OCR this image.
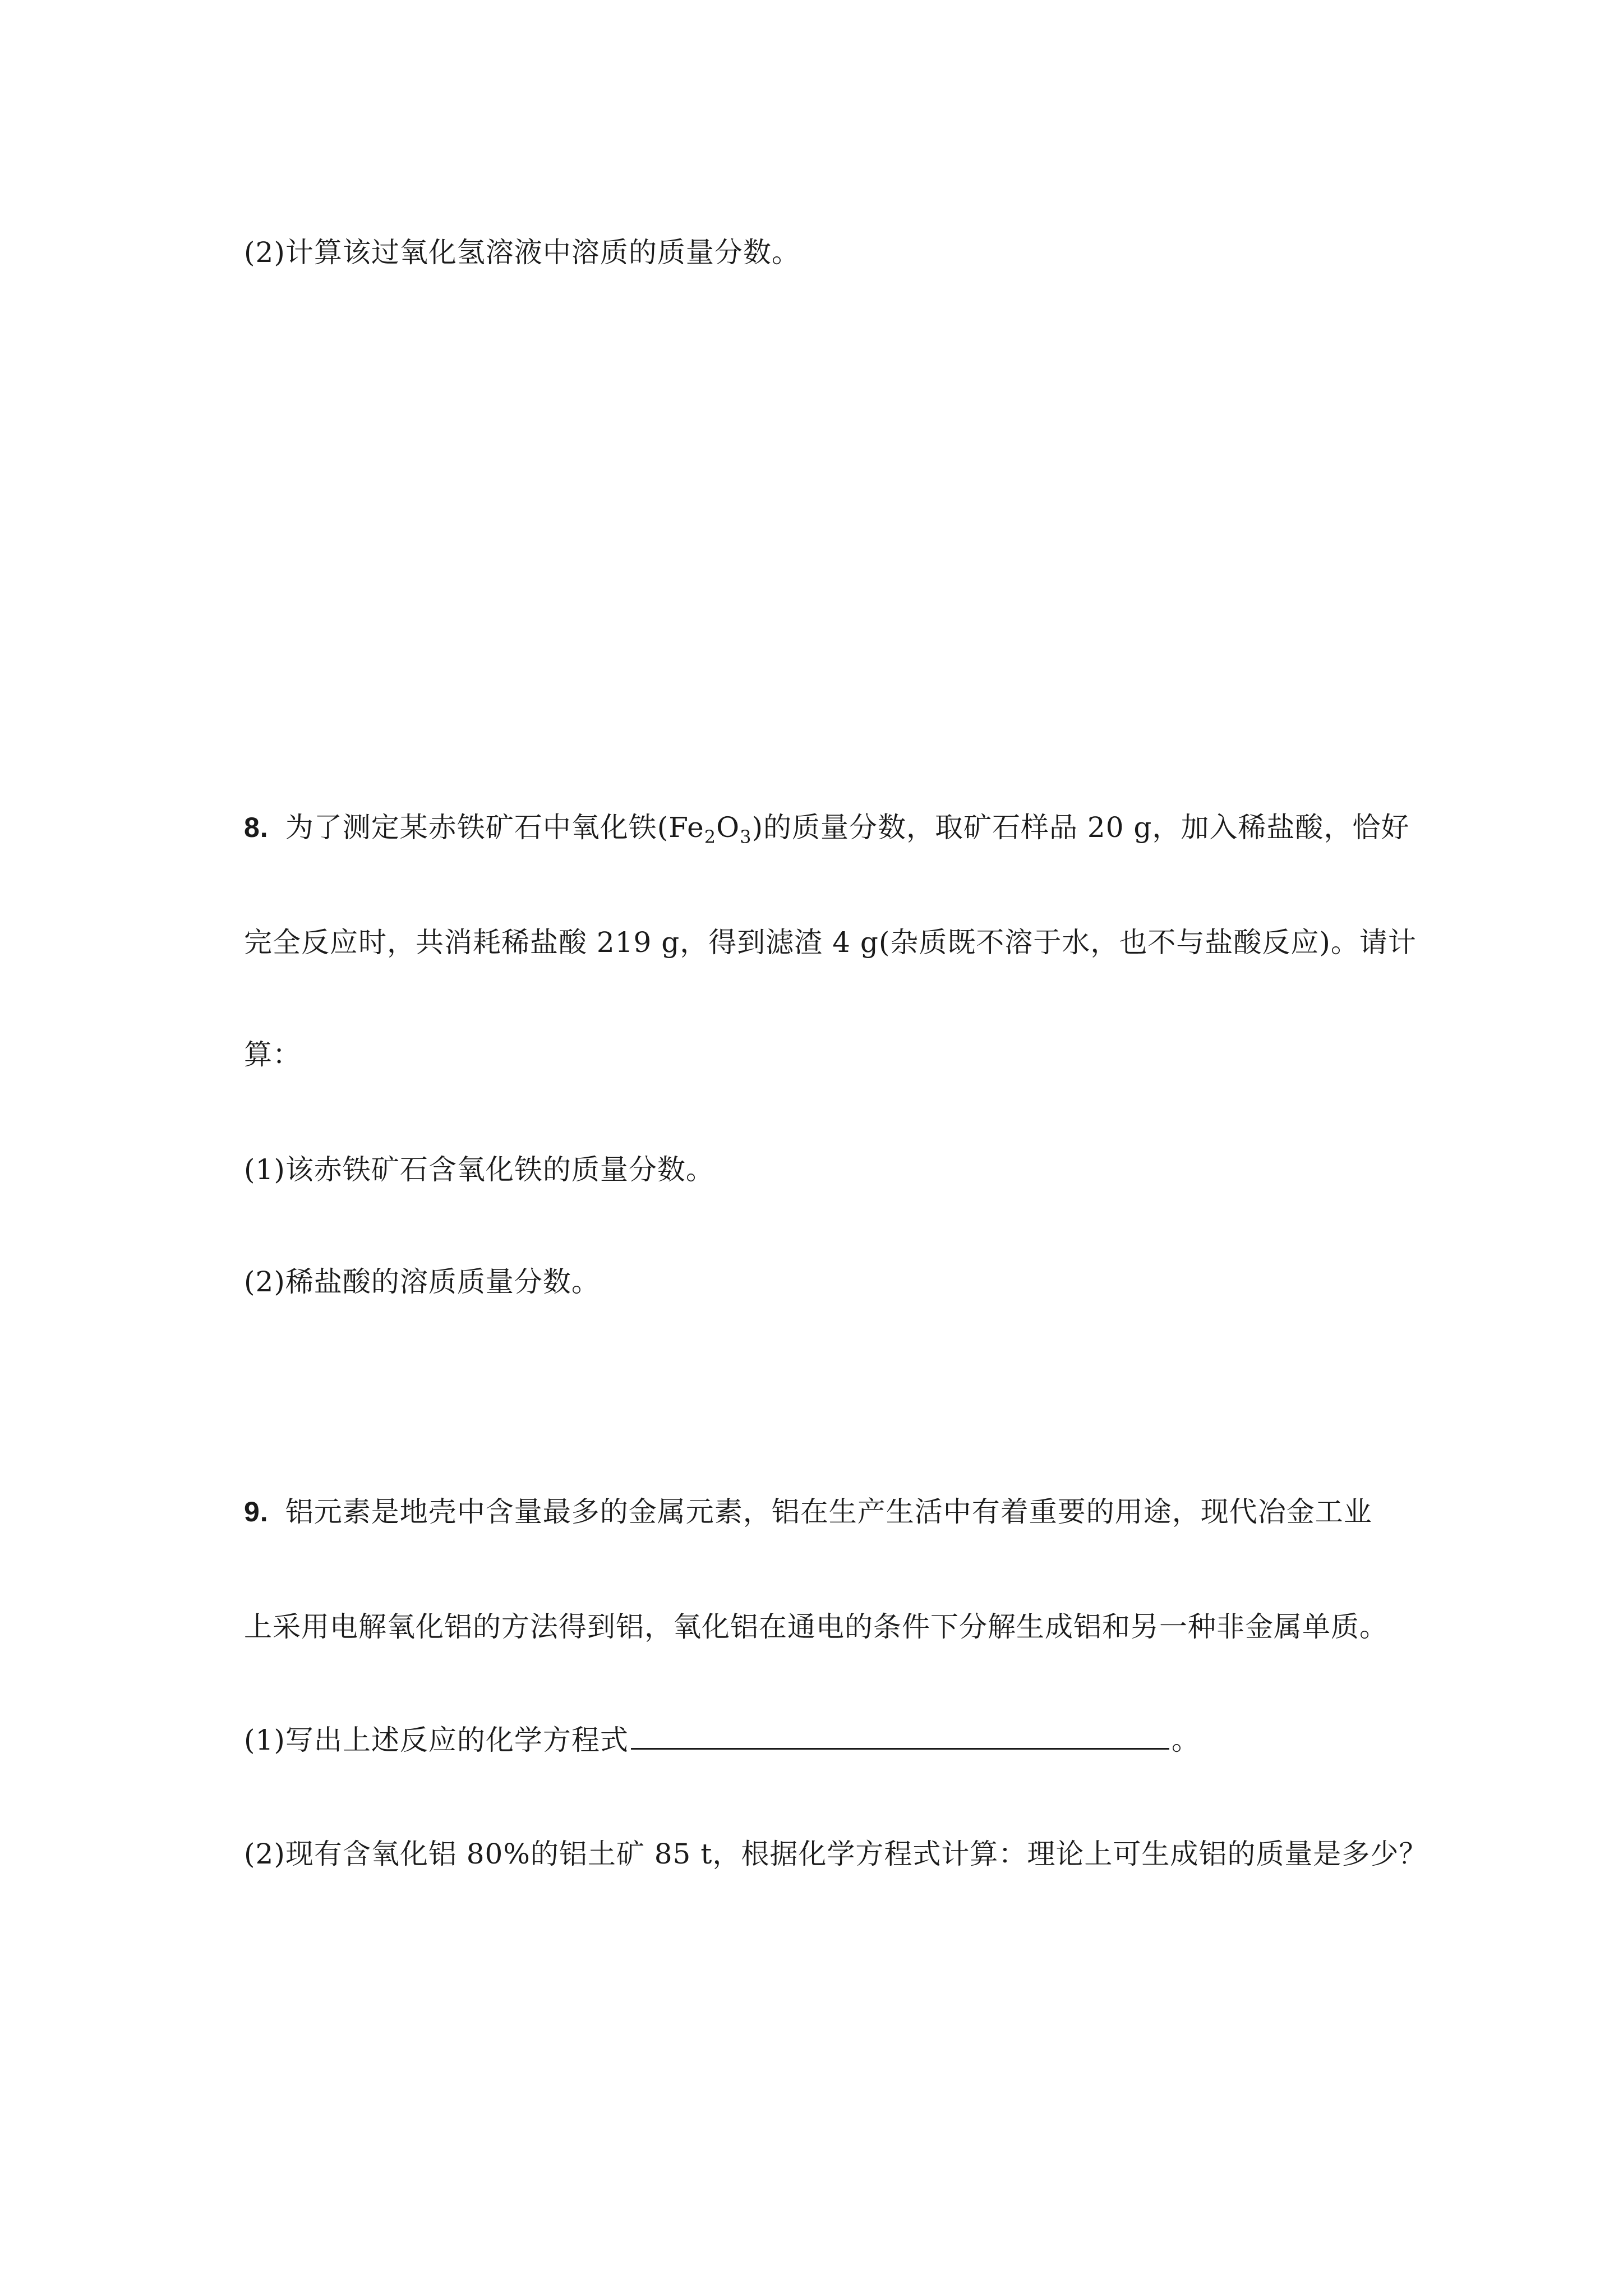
(2)计算该过氧化氢溶液中溶质的质量分数。
8. 为了测定某赤铁矿石中氧化铁$(Fe_2O_3)$的质量分数，取矿石样品 20 g，加入稀盐酸，恰好
完全反应时，共消耗稀盐酸 219 g，得到滤渣 4 g(杂质既不溶于水，也不与盐酸反应)。请计
算：
(1)该赤铁矿石含氧化铁的质量分数。
(2)稀盐酸的溶质质量分数。
9. 铝元素是地壳中含量最多的金属元素，铝在生产生活中有着重要的用途，现代冶金工业
上采用电解氧化铝的方法得到铝，氧化铝在通电的条件下分解生成铝和另一种非金属单质。
(1)写出上述反应的化学方程式	。
(2)现有含氧化铝 80%的铝土矿 85 t，根据化学方程式计算：理论上可生成铝的质量是多少？
